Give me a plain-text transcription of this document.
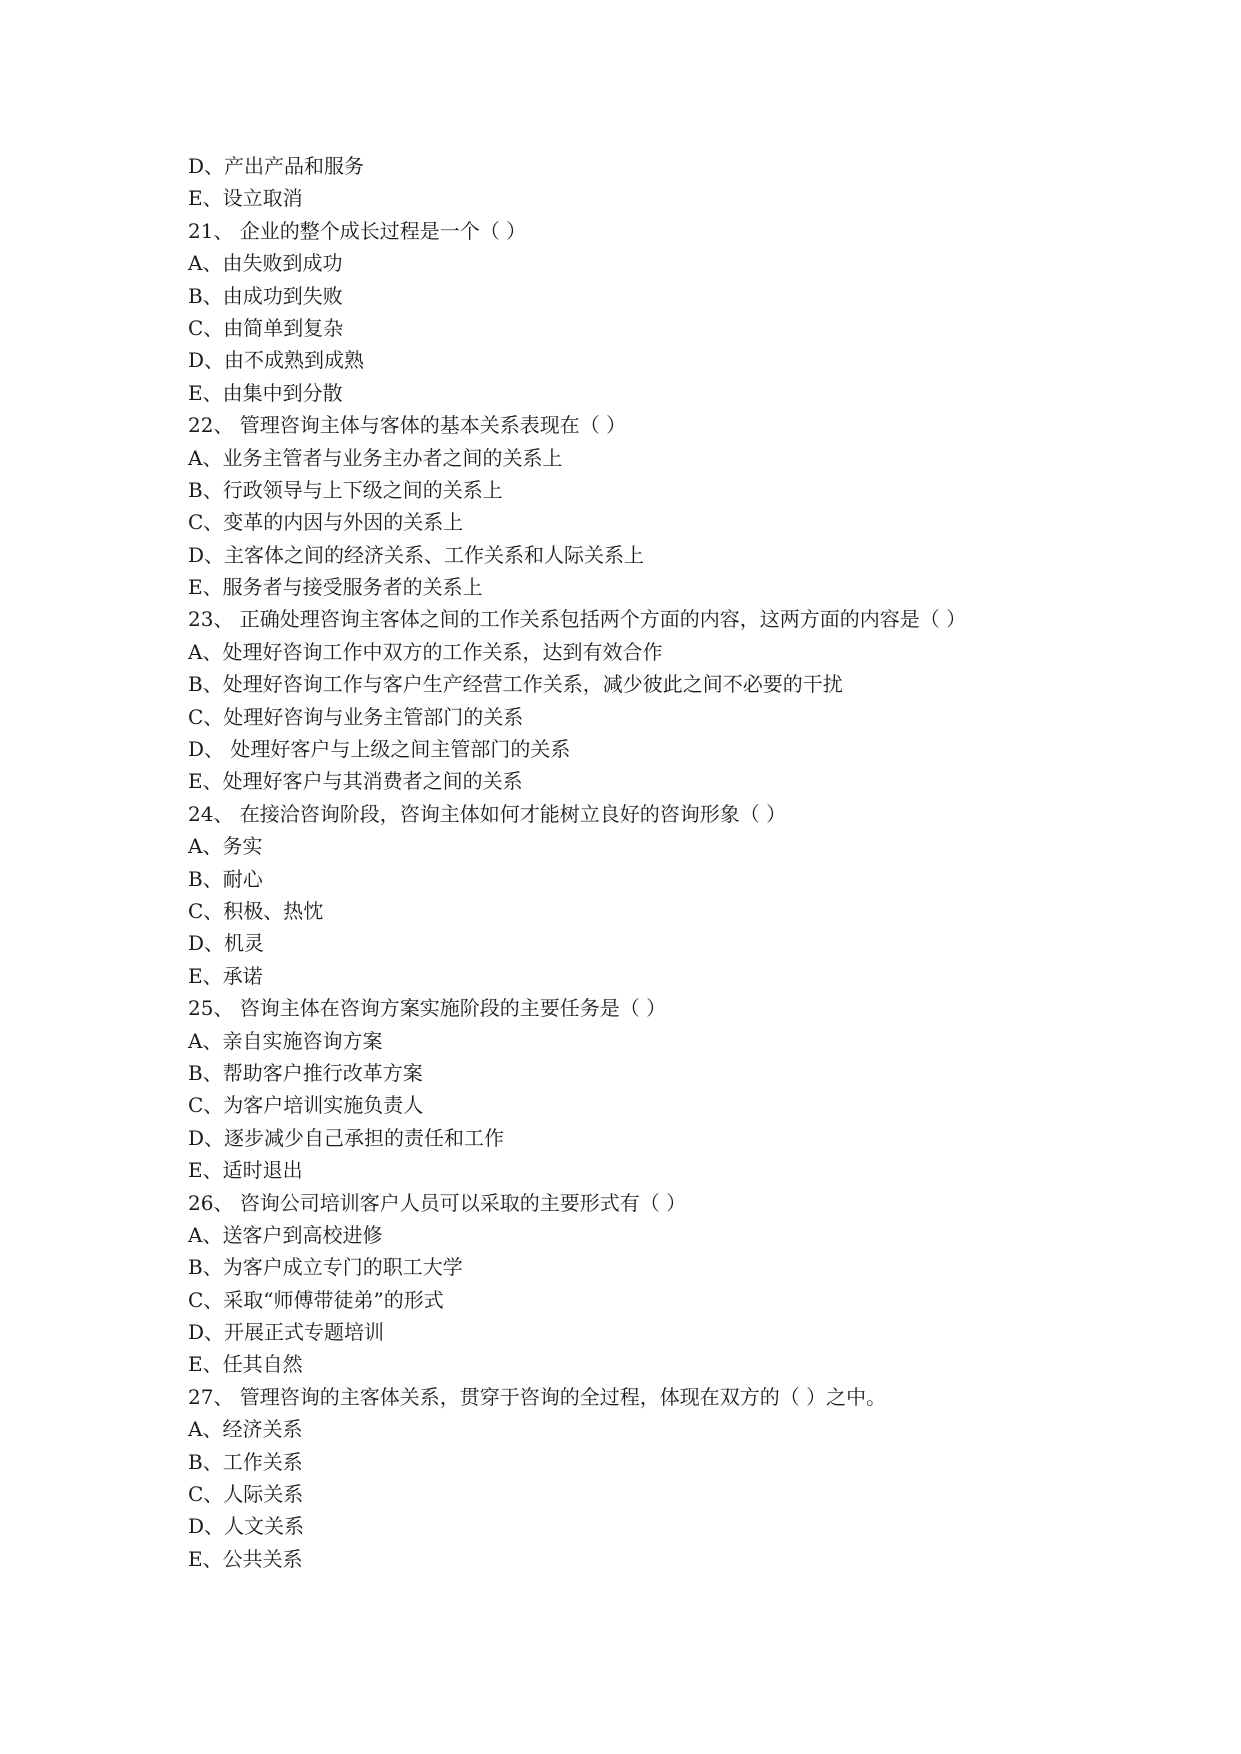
D、产出产品和服务
E、设立取消
21、 企业的整个成长过程是一个（ ）
A、由失败到成功
B、由成功到失败
C、由简单到复杂
D、由不成熟到成熟
E、由集中到分散
22、 管理咨询主体与客体的基本关系表现在（ ）
A、业务主管者与业务主办者之间的关系上
B、行政领导与上下级之间的关系上
C、变革的内因与外因的关系上
D、主客体之间的经济关系、工作关系和人际关系上
E、服务者与接受服务者的关系上
23、 正确处理咨询主客体之间的工作关系包括两个方面的内容，这两方面的内容是（ ）
A、处理好咨询工作中双方的工作关系，达到有效合作
B、处理好咨询工作与客户生产经营工作关系，减少彼此之间不必要的干扰
C、处理好咨询与业务主管部门的关系
D、 处理好客户与上级之间主管部门的关系
E、处理好客户与其消费者之间的关系
24、 在接洽咨询阶段，咨询主体如何才能树立良好的咨询形象（ ）
A、务实
B、耐心
C、积极、热忱
D、机灵
E、承诺
25、 咨询主体在咨询方案实施阶段的主要任务是（ ）
A、亲自实施咨询方案
B、帮助客户推行改革方案
C、为客户培训实施负责人
D、逐步减少自己承担的责任和工作
E、适时退出
26、 咨询公司培训客户人员可以采取的主要形式有（ ）
A、送客户到高校进修
B、为客户成立专门的职工大学
C、采取“师傅带徒弟”的形式
D、开展正式专题培训
E、任其自然
27、 管理咨询的主客体关系，贯穿于咨询的全过程，体现在双方的（ ）之中。
A、经济关系
B、工作关系
C、人际关系
D、人文关系
E、公共关系
